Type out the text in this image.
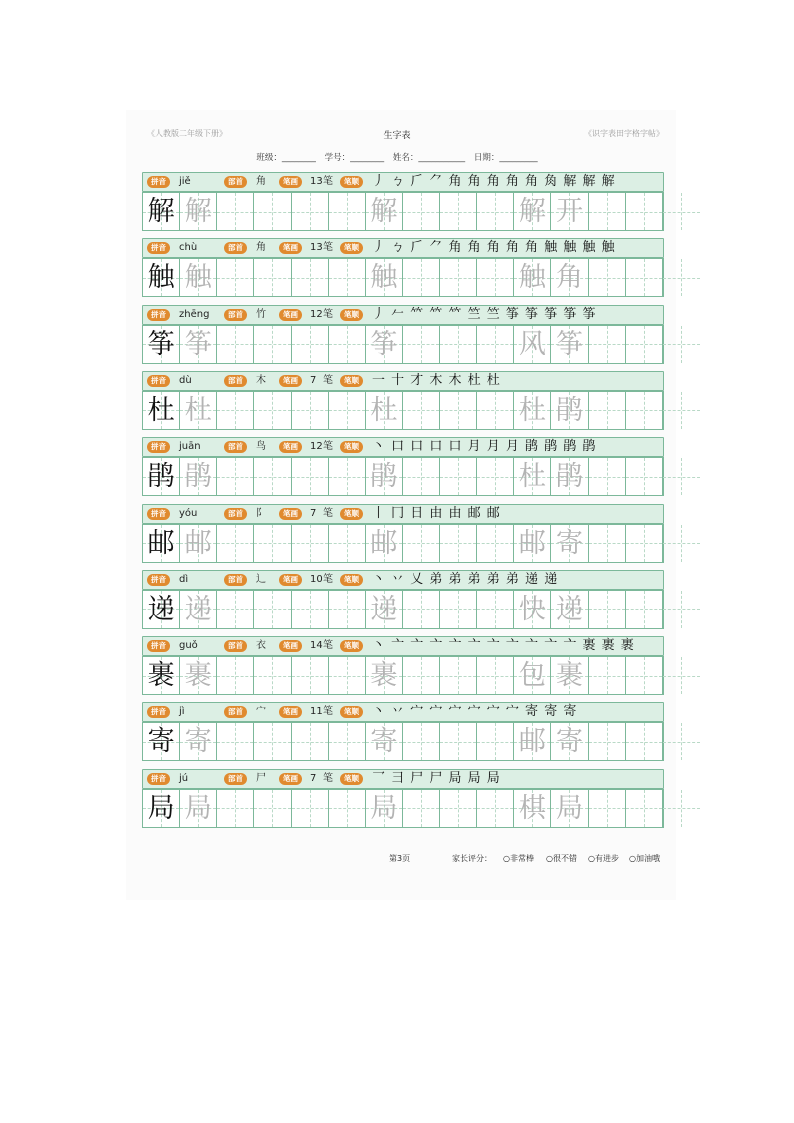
《人教版二年级下册》	生字表	《识字表田字格字帖》
班级：________ 学号：________ 姓名：___________ 日期：_________
拼音	jiě	部首	角	笔画	13 笔	笔顺	丿 ㄅ 𠂆 ⺈ 角 角 角 角 角 𧢲 解 解 解
解 解	解	解 开
拼音	chù	部首	角	笔画	13 笔	笔顺	丿 ㄅ 𠂆 ⺈ 角 角 角 角 角 触 触 触 触
触 触	触	触 角
拼音	zhēng	部首	竹	笔画	12 笔	笔顺	丿 𠂉 𥫗 𥫗 𥫗 竺 竺 筝 筝 筝 筝 筝
筝 筝	筝	风 筝
拼音	dù	部首	木	笔画	7 笔	笔顺	一 十 才 木 木 杜 杜
杜 杜	杜	杜 鹃
拼音	juān	部首	鸟	笔画	12 笔	笔顺	丶 口 口 口 口 月 月 月 鹃 鹃 鹃 鹃
鹃 鹃	鹃	杜 鹃
拼音	yóu	部首	阝	笔画	7 笔	笔顺	丨 冂 日 由 由 邮 邮
邮 邮	邮	邮 寄
拼音	dì	部首	辶	笔画	10 笔	笔顺	丶 丷 乂 弟 弟 弟 弟 弟 递 递
递 递	递	快 递
拼音	guǒ	部首	衣	笔画	14 笔	笔顺	丶 亠 亠 亠 亠 亠 亠 亠 亠 亠 亠 裹 裹 裹
裹 裹	裹	包 裹
拼音	jì	部首	宀	笔画	11 笔	笔顺	丶 丷 宀 宀 宀 宀 宀 宀 寄 寄 寄
寄 寄	寄	邮 寄
拼音	jú	部首	尸	笔画	7 笔	笔顺	乛 ⺕ 尸 尸 局 局 局
局 局	局	棋 局
第3页	家长评分： ○非常棒 ○很不错 ○有进步 ○加油哦
